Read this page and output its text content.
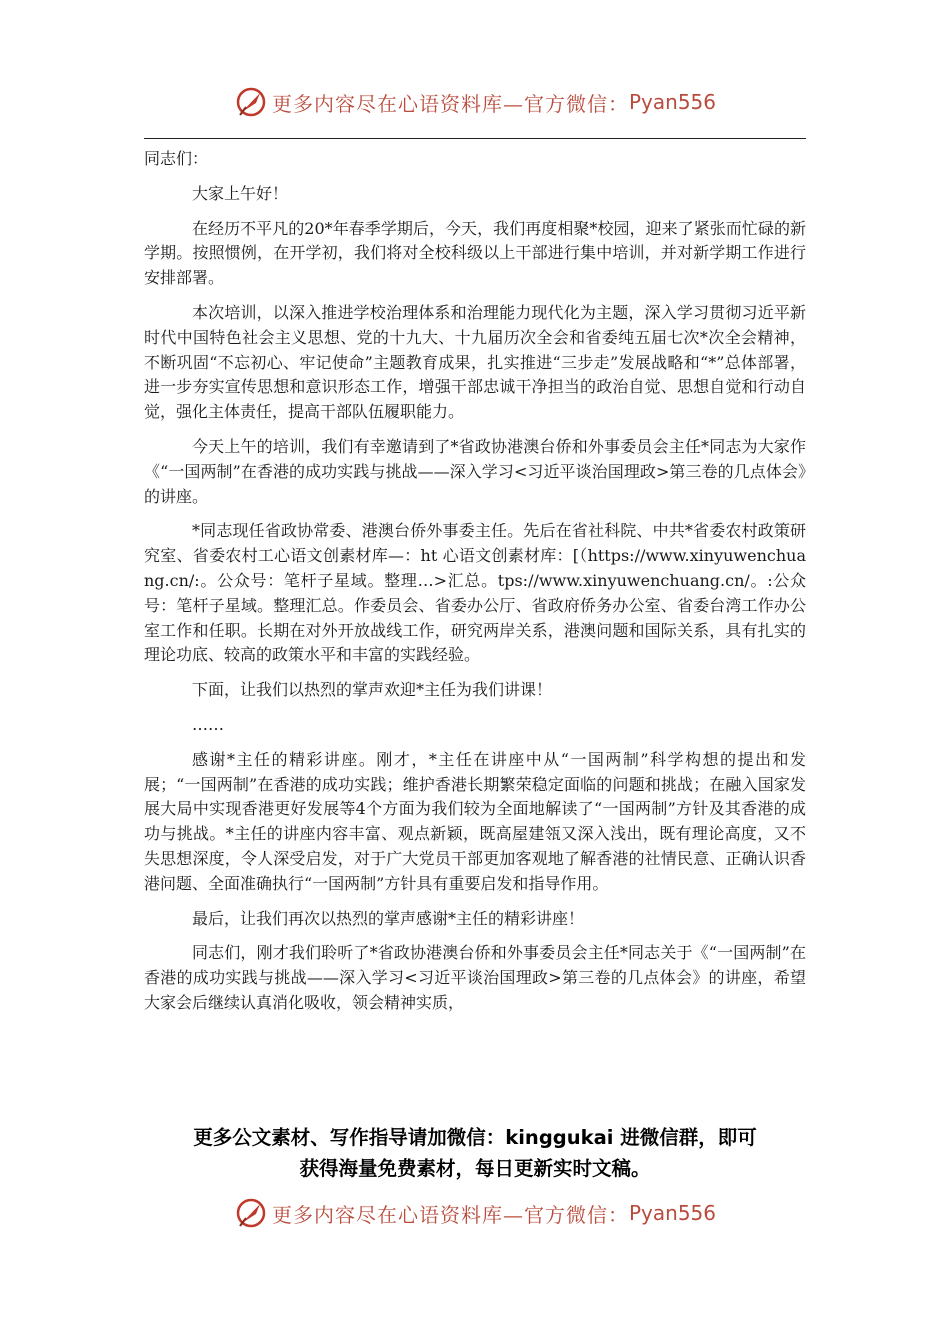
更多内容尽在心语资料库—官方微信： Pyan556

同志们：

大家上午好！

在经历不平凡的20*年春季学期后，今天，我们再度相聚*校园，迎来了紧张而忙碌的新学期。按照惯例，在开学初，我们将对全校科级以上干部进行集中培训，并对新学期工作进行安排部署。

本次培训，以深入推进学校治理体系和治理能力现代化为主题，深入学习贯彻习近平新时代中国特色社会主义思想、党的十九大、十九届历次全会和省委纯五届七次*次全会精神，不断巩固“不忘初心、牢记使命”主题教育成果，扎实推进“三步走”发展战略和“*”总体部署，进一步夯实宣传思想和意识形态工作，增强干部忠诚干净担当的政治自觉、思想自觉和行动自觉，强化主体责任，提高干部队伍履职能力。

今天上午的培训，我们有幸邀请到了*省政协港澳台侨和外事委员会主任*同志为大家作《“一国两制”在香港的成功实践与挑战——深入学习<习近平谈治国理政>第三卷的几点体会》的讲座。

*同志现任省政协常委、港澳台侨外事委主任。先后在省社科院、中共*省委农村政策研究室、省委农村工心语文创素材库—：ht 心语文创素材库：[（https://www.xinyuwenchuang.cn/:。公众号：笔杆子星域。整理…>汇总。tps://www.xinyuwenchuang.cn/。:公众号：笔杆子星域。整理汇总。作委员会、省委办公厅、省政府侨务办公室、省委台湾工作办公室工作和任职。长期在对外开放战线工作，研究两岸关系，港澳问题和国际关系，具有扎实的理论功底、较高的政策水平和丰富的实践经验。

下面，让我们以热烈的掌声欢迎*主任为我们讲课！

……

感谢*主任的精彩讲座。刚才，*主任在讲座中从“一国两制”科学构想的提出和发展；“一国两制”在香港的成功实践；维护香港长期繁荣稳定面临的问题和挑战；在融入国家发展大局中实现香港更好发展等4个方面为我们较为全面地解读了“一国两制”方针及其香港的成功与挑战。*主任的讲座内容丰富、观点新颖，既高屋建瓴又深入浅出，既有理论高度，又不失思想深度，令人深受启发，对于广大党员干部更加客观地了解香港的社情民意、正确认识香港问题、全面准确执行“一国两制”方针具有重要启发和指导作用。

最后，让我们再次以热烈的掌声感谢*主任的精彩讲座！

同志们，刚才我们聆听了*省政协港澳台侨和外事委员会主任*同志关于《“一国两制”在香港的成功实践与挑战——深入学习<习近平谈治国理政>第三卷的几点体会》的讲座，希望大家会后继续认真消化吸收，领会精神实质，

更多公文素材、写作指导请加微信：kinggukai 进微信群，即可
获得海量免费素材，每日更新实时文稿。
更多内容尽在心语资料库—官方微信： Pyan556
